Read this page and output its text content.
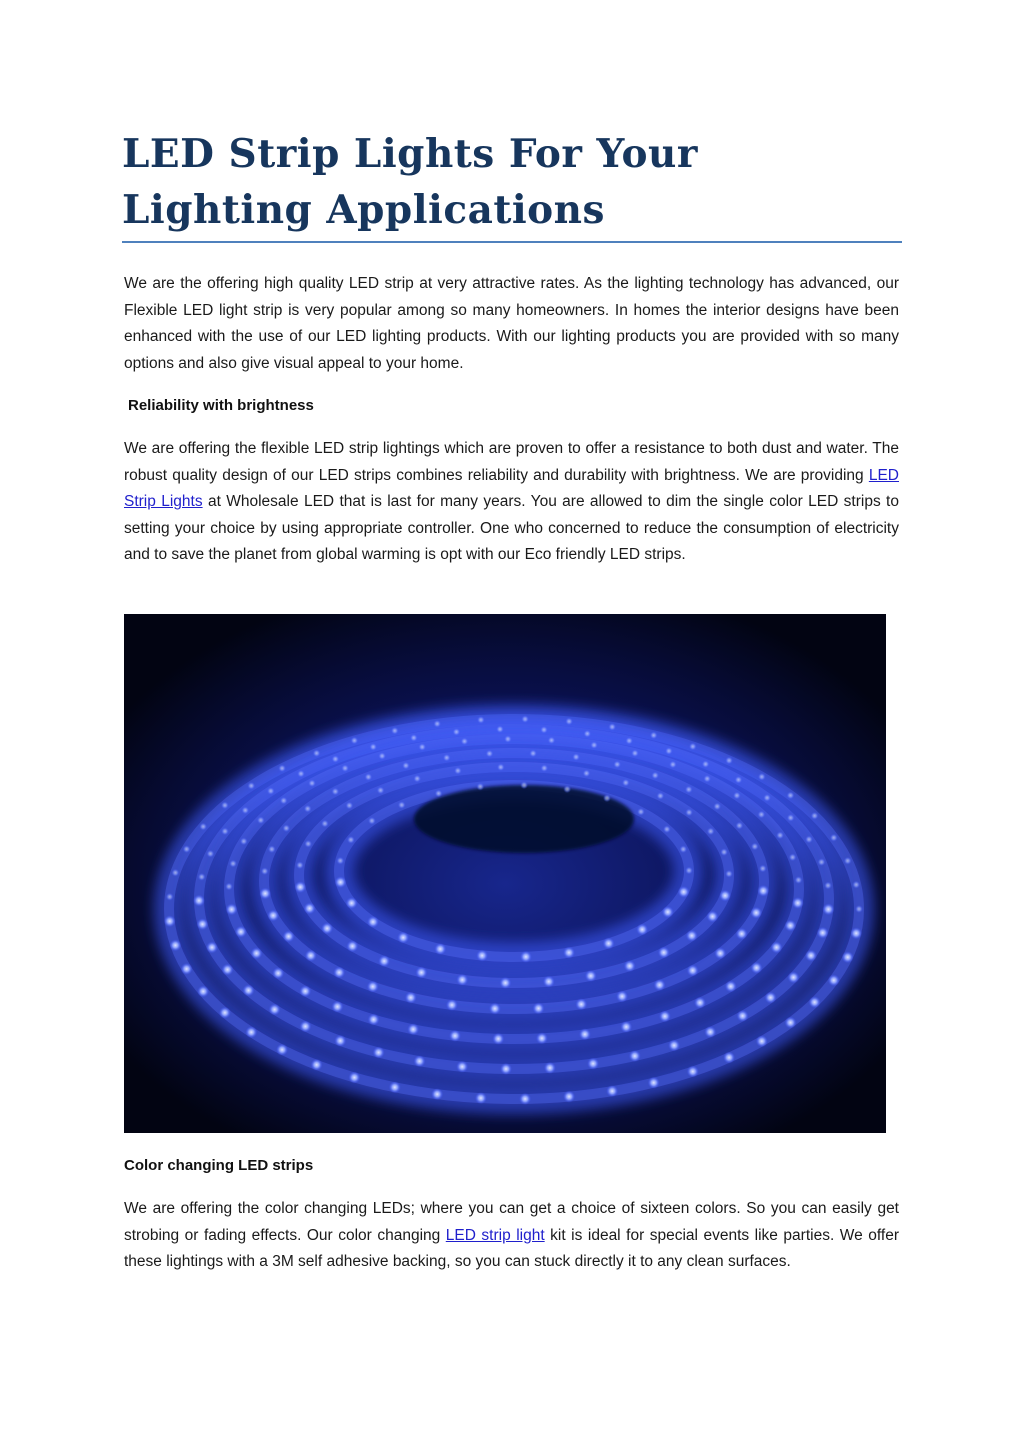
LED Strip Lights For Your Lighting Applications

We are the offering high quality LED strip at very attractive rates. As the lighting technology has advanced, our Flexible LED light strip is very popular among so many homeowners. In homes the interior designs have been enhanced with the use of our LED lighting products. With our lighting products you are provided with so many options and also give visual appeal to your home.

Reliability with brightness

We are offering the flexible LED strip lightings which are proven to offer a resistance to both dust and water. The robust quality design of our LED strips combines reliability and durability with brightness. We are providing LED Strip Lights at Wholesale LED that is last for many years. You are allowed to dim the single color LED strips to setting your choice by using appropriate controller. One who concerned to reduce the consumption of electricity and to save the planet from global warming is opt with our Eco friendly LED strips.

Color changing LED strips

We are offering the color changing LEDs; where you can get a choice of sixteen colors. So you can easily get strobing or fading effects. Our color changing LED strip light kit is ideal for special events like parties. We offer these lightings with a 3M self adhesive backing, so you can stuck directly it to any clean surfaces.
